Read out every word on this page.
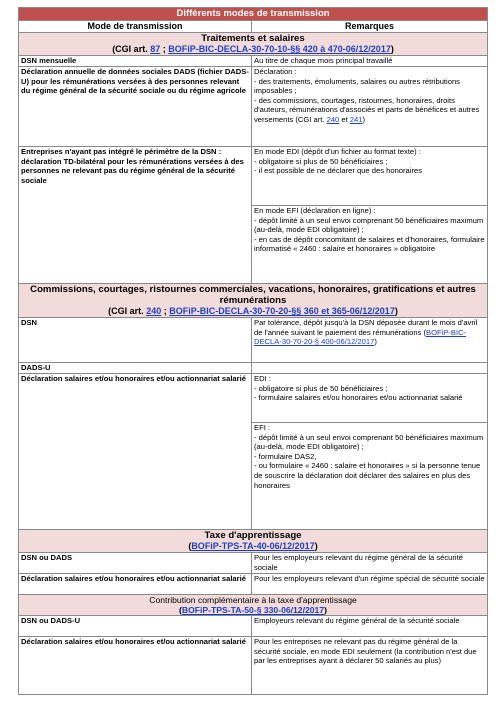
Différents modes de transmission	
Mode de transmission	Remarques

Traitements et salaires
(CGI art. 87 ; BOFiP-BIC-DECLA-30-70-10-§§ 420 à 470-06/12/2017)	

DSN mensuelle	Au titre de chaque mois principal travaillé
Déclaration annuelle de données sociales DADS (fichier DADS-U) pour les rémunérations versées à des personnes relevant du régime général de la sécurité sociale ou du régime agricole	Déclaration :
- des traitements, émoluments, salaires ou autres rétributions imposables ;
- des commissions, courtages, ristournes, honoraires, droits d'auteurs, rémunérations d'associés et parts de bénéfices et autres versements (CGI art. 240 et 241)

Entreprises n'ayant pas intégré le périmètre de la DSN : déclaration TD-bilatéral pour les rémunérations versées à des personnes ne relevant pas du régime général de la sécurité sociale	En mode EDI (dépôt d'un fichier au format texte) :
- obligatoire si plus de 50 bénéficiaires ;
- il est possible de ne déclarer que des honoraires

	En mode EFI (déclaration en ligne) :
- dépôt limité à un seul envoi comprenant 50 bénéficiaires maximum (au-delà, mode EDI obligatoire) ;
- en cas de dépôt concomitant de salaires et d'honoraires, formulaire informatisé « 2460 : salaire et honoraires » obligatoire

Commissions, courtages, ristournes commerciales, vacations, honoraires, gratifications et autres rémunérations
(CGI art. 240 ; BOFiP-BIC-DECLA-30-70-20-§§ 360 et 365-06/12/2017)	

DSN	Par tolérance, dépôt jusqu'à la DSN déposée durant le mois d'avril de l'année suivant le paiement des rémunérations (BOFiP-BIC-DECLA-30-70-20-§ 400-06/12/2017)
DADS-U	
Déclaration salaires et/ou honoraires et/ou actionnariat salarié	EDI :
- obligatoire si plus de 50 bénéficiaires ;
- formulaire salaires et/ou honoraires et/ou actionnariat salarié

	EFI :
- dépôt limité à un seul envoi comprenant 50 bénéficiaires maximum (au-delà, mode EDI obligatoire) ;
- formulaire DAS2,
- ou formulaire « 2460 : salaire et honoraires » si la personne tenue de souscrire la déclaration doit déclarer des salaires en plus des honoraires

Taxe d'apprentissage
(BOFiP-TPS-TA-40-06/12/2017)	

DSN ou DADS	Pour les employeurs relevant du régime général de la sécurité sociale
Déclaration salaires et/ou honoraires et/ou actionnariat salarié	Pour les employeurs relevant d'un régime spécial de sécurité sociale

Contribution complémentaire à la taxe d'apprentissage
(BOFiP-TPS-TA-50-§ 330-06/12/2017)	

DSN ou DADS-U	Employeurs relevant du régime général de la sécurité sociale
Déclaration salaires et/ou honoraires et/ou actionnariat salarié	Pour les entreprises ne relevant pas du régime général de la sécurité sociale, en mode EDI seulement (la contribution n'est due par les entreprises ayant à déclarer 50 salariés au plus)
